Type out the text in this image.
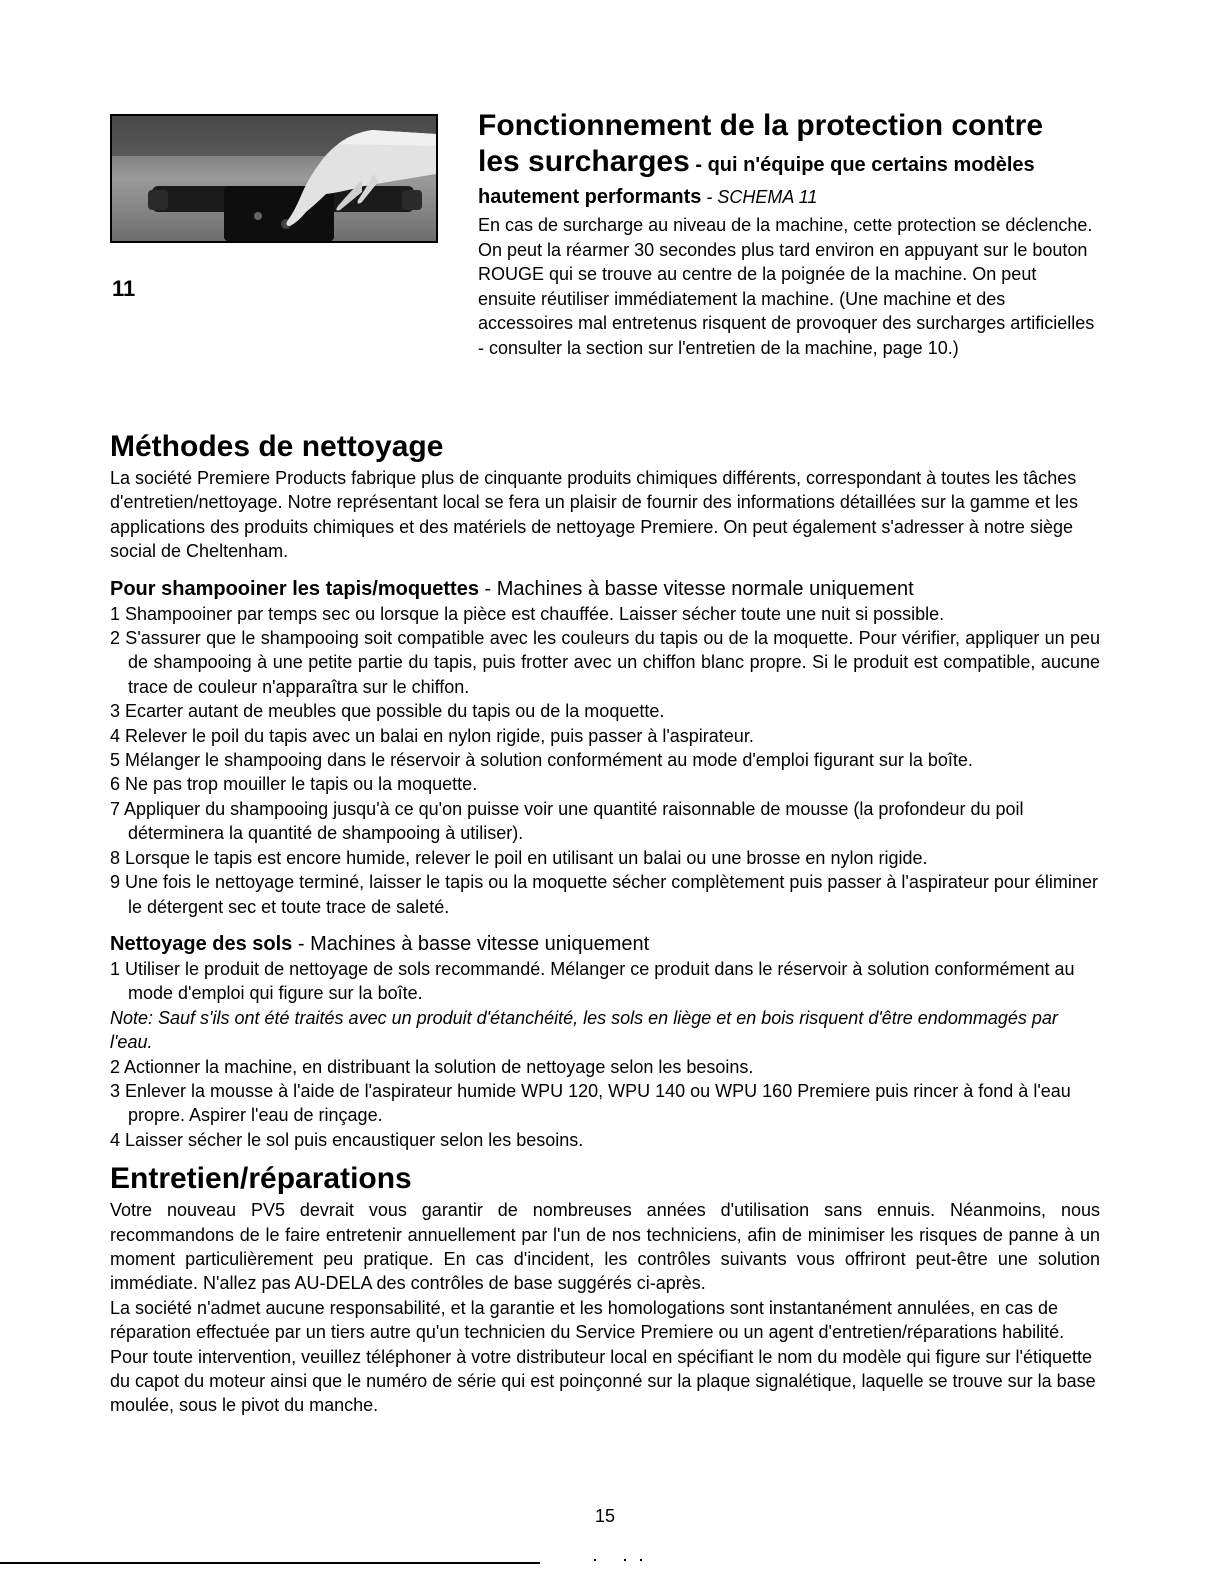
11

Fonctionnement de la protection contre

les surcharges - qui n'équipe que certains modèles

hautement performants - SCHEMA 11

En cas de surcharge au niveau de la machine, cette protection se déclenche. On peut la réarmer 30 secondes plus tard environ en appuyant sur le bouton ROUGE qui se trouve au centre de la poignée de la machine. On peut ensuite réutiliser immédiatement la machine. (Une machine et des accessoires mal entretenus risquent de provoquer des surcharges artificielles - consulter la section sur l'entretien de la machine, page 10.)

Méthodes de nettoyage

La société Premiere Products fabrique plus de cinquante produits chimiques différents, correspondant à toutes les tâches d'entretien/nettoyage. Notre représentant local se fera un plaisir de fournir des informations détaillées sur la gamme et les applications des produits chimiques et des matériels de nettoyage Premiere. On peut également s'adresser à notre siège social de Cheltenham.

Pour shampooiner les tapis/moquettes - Machines à basse vitesse normale uniquement

1 Shampooiner par temps sec ou lorsque la pièce est chauffée. Laisser sécher toute une nuit si possible.
2 S'assurer que le shampooing soit compatible avec les couleurs du tapis ou de la moquette. Pour vérifier, appliquer un peu de shampooing à une petite partie du tapis, puis frotter avec un chiffon blanc propre. Si le produit est compatible, aucune trace de couleur n'apparaîtra sur le chiffon.
3 Ecarter autant de meubles que possible du tapis ou de la moquette.
4 Relever le poil du tapis avec un balai en nylon rigide, puis passer à l'aspirateur.
5 Mélanger le shampooing dans le réservoir à solution conformément au mode d'emploi figurant sur la boîte.
6 Ne pas trop mouiller le tapis ou la moquette.
7 Appliquer du shampooing jusqu'à ce qu'on puisse voir une quantité raisonnable de mousse (la profondeur du poil déterminera la quantité de shampooing à utiliser).
8 Lorsque le tapis est encore humide, relever le poil en utilisant un balai ou une brosse en nylon rigide.
9 Une fois le nettoyage terminé, laisser le tapis ou la moquette sécher complètement puis passer à l'aspirateur pour éliminer le détergent sec et toute trace de saleté.

Nettoyage des sols - Machines à basse vitesse uniquement

1 Utiliser le produit de nettoyage de sols recommandé. Mélanger ce produit dans le réservoir à solution conformément au mode d'emploi qui figure sur la boîte.

Note: Sauf s'ils ont été traités avec un produit d'étanchéité, les sols en liège et en bois risquent d'être endommagés par l'eau.

2 Actionner la machine, en distribuant la solution de nettoyage selon les besoins.
3 Enlever la mousse à l'aide de l'aspirateur humide WPU 120, WPU 140 ou WPU 160 Premiere puis rincer à fond à l'eau propre. Aspirer l'eau de rinçage.
4 Laisser sécher le sol puis encaustiquer selon les besoins.
Entretien/réparations

Votre nouveau PV5 devrait vous garantir de nombreuses années d'utilisation sans ennuis. Néanmoins, nous recommandons de le faire entretenir annuellement par l'un de nos techniciens, afin de minimiser les risques de panne à un moment particulièrement peu pratique. En cas d'incident, les contrôles suivants vous offriront peut-être une solution immédiate. N'allez pas AU-DELA des contrôles de base suggérés ci-après.

La société n'admet aucune responsabilité, et la garantie et les homologations sont instantanément annulées, en cas de réparation effectuée par un tiers autre qu'un technicien du Service Premiere ou un agent d'entretien/réparations habilité. Pour toute intervention, veuillez téléphoner à votre distributeur local en spécifiant le nom du modèle qui figure sur l'étiquette du capot du moteur ainsi que le numéro de série qui est poinçonné sur la plaque signalétique, laquelle se trouve sur la base moulée, sous le pivot du manche.

15
